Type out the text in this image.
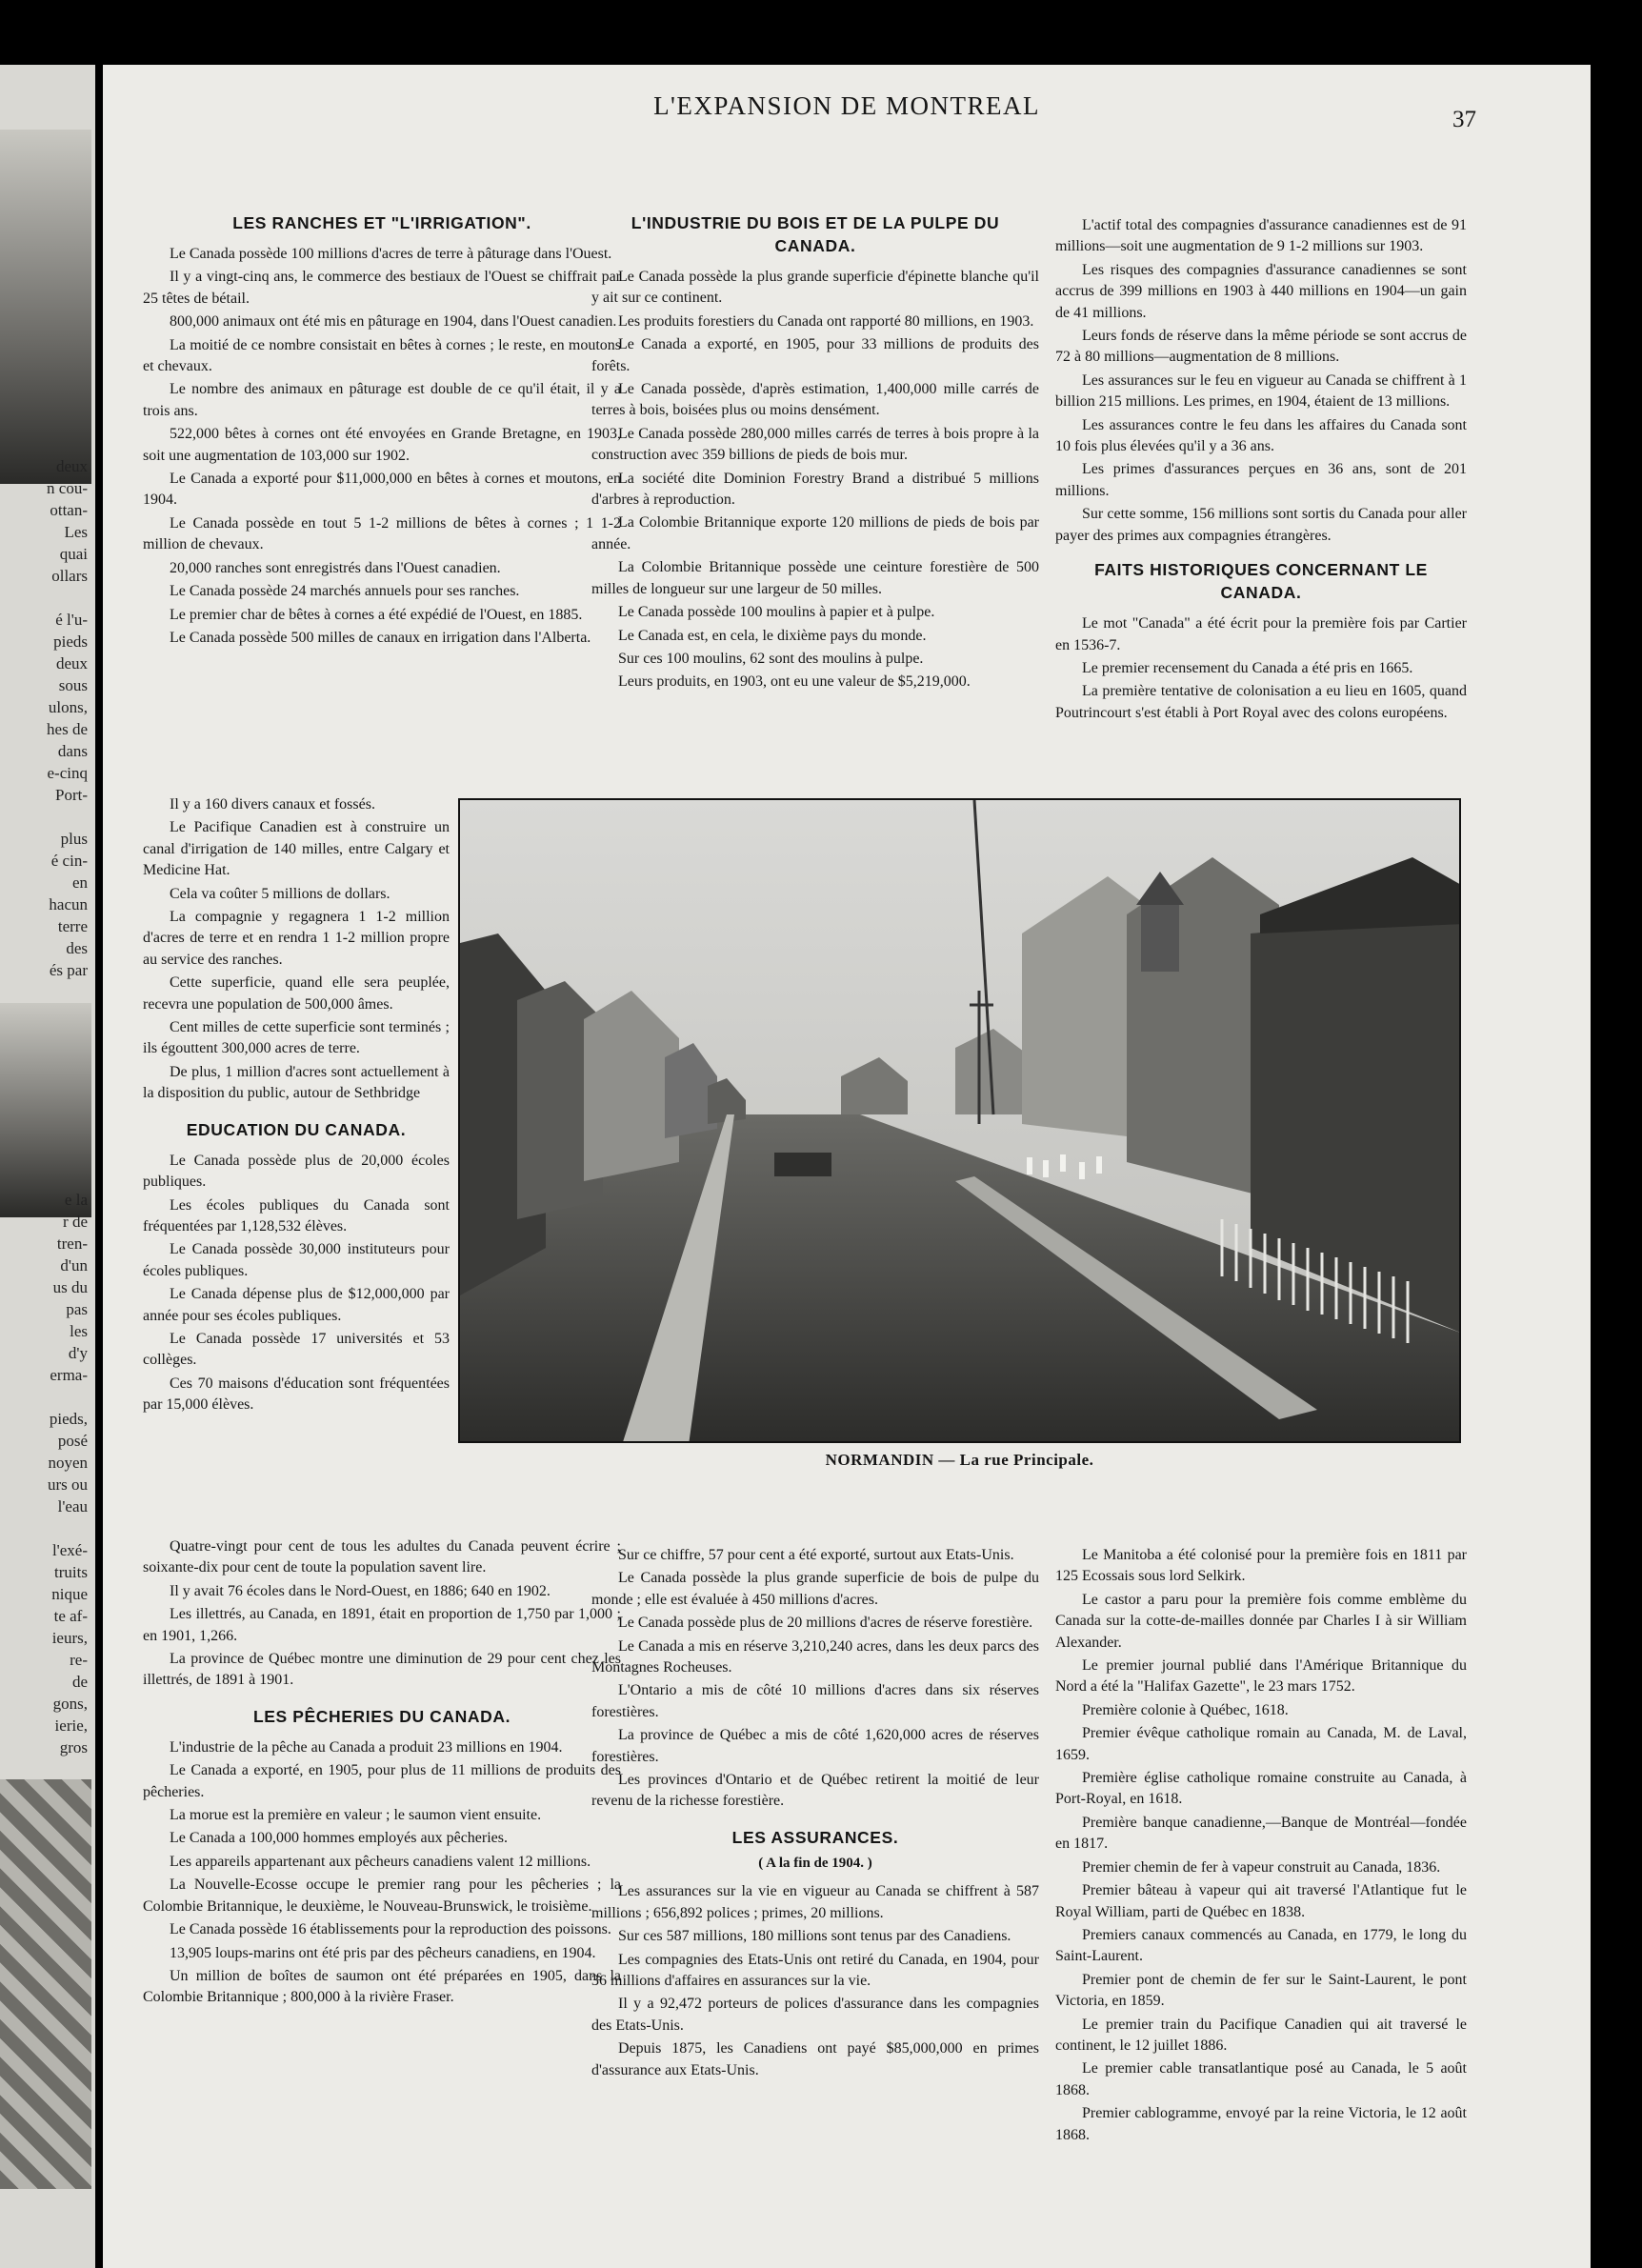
deux
n cou-
ottan-
Les
quai
ollars
é l'u-
pieds
deux
sous
ulons,
hes de
dans
e-cinq
Port-
plus
é cin-
en
hacun
terre
des
és par
e la
r de
tren-
d'un
us du
pas
les
d'y
erma-
pieds,
posé
noyen
urs ou
l'eau
l'exé-
truits
nique
te af-
ieurs,
re-
de
gons,
ierie,
gros
L'EXPANSION DE MONTREAL	37
LES RANCHES ET "L'IRRIGATION".

Le Canada possède 100 millions d'acres de terre à pâturage dans l'Ouest.

Il y a vingt-cinq ans, le commerce des bestiaux de l'Ouest se chiffrait par 25 têtes de bétail.

800,000 animaux ont été mis en pâturage en 1904, dans l'Ouest canadien.

La moitié de ce nombre consistait en bêtes à cornes ; le reste, en moutons et chevaux.

Le nombre des animaux en pâturage est double de ce qu'il était, il y a trois ans.

522,000 bêtes à cornes ont été envoyées en Grande Bretagne, en 1903, soit une augmentation de 103,000 sur 1902.

Le Canada a exporté pour $11,000,000 en bêtes à cornes et moutons, en 1904.

Le Canada possède en tout 5 1-2 millions de bêtes à cornes ; 1 1-2 million de chevaux.

20,000 ranches sont enregistrés dans l'Ouest canadien.

Le Canada possède 24 marchés annuels pour ses ranches.

Le premier char de bêtes à cornes a été expédié de l'Ouest, en 1885.

Le Canada possède 500 milles de canaux en irrigation dans l'Alberta.

Il y a 160 divers canaux et fossés.

Le Pacifique Canadien est à construire un canal d'irrigation de 140 milles, entre Calgary et Medicine Hat.

Cela va coûter 5 millions de dollars.

La compagnie y regagnera 1 1-2 million d'acres de terre et en rendra 1 1-2 million propre au service des ranches.

Cette superficie, quand elle sera peuplée, recevra une population de 500,000 âmes.

Cent milles de cette superficie sont terminés ; ils égouttent 300,000 acres de terre.

De plus, 1 million d'acres sont actuellement à la disposition du public, autour de Sethbridge

EDUCATION DU CANADA.

Le Canada possède plus de 20,000 écoles publiques.

Les écoles publiques du Canada sont fréquentées par 1,128,532 élèves.

Le Canada possède 30,000 instituteurs pour écoles publiques.

Le Canada dépense plus de $12,000,000 par année pour ses écoles publiques.

Le Canada possède 17 universités et 53 collèges.

Ces 70 maisons d'éducation sont fréquentées par 15,000 élèves.

Quatre-vingt pour cent de tous les adultes du Canada peuvent écrire ; soixante-dix pour cent de toute la population savent lire.

Il y avait 76 écoles dans le Nord-Ouest, en 1886; 640 en 1902.

Les illettrés, au Canada, en 1891, était en proportion de 1,750 par 1,000 ; en 1901, 1,266.

La province de Québec montre une diminution de 29 pour cent chez les illettrés, de 1891 à 1901.

LES PÊCHERIES DU CANADA.

L'industrie de la pêche au Canada a produit 23 millions en 1904.

Le Canada a exporté, en 1905, pour plus de 11 millions de produits des pêcheries.

La morue est la première en valeur ; le saumon vient ensuite.

Le Canada a 100,000 hommes employés aux pêcheries.

Les appareils appartenant aux pêcheurs canadiens valent 12 millions.

La Nouvelle-Ecosse occupe le premier rang pour les pêcheries ; la Colombie Britannique, le deuxième, le Nouveau-Brunswick, le troisième.

Le Canada possède 16 établissements pour la reproduction des poissons.

13,905 loups-marins ont été pris par des pêcheurs canadiens, en 1904.

Un million de boîtes de saumon ont été préparées en 1905, dans la Colombie Britannique ; 800,000 à la rivière Fraser.

L'INDUSTRIE DU BOIS ET DE LA PULPE DU CANADA.

Le Canada possède la plus grande superficie d'épinette blanche qu'il y ait sur ce continent.

Les produits forestiers du Canada ont rapporté 80 millions, en 1903.

Le Canada a exporté, en 1905, pour 33 millions de produits des forêts.

Le Canada possède, d'après estimation, 1,400,000 mille carrés de terres à bois, boisées plus ou moins densément.

Le Canada possède 280,000 milles carrés de terres à bois propre à la construction avec 359 billions de pieds de bois mur.

La société dite Dominion Forestry Brand a distribué 5 millions d'arbres à reproduction.

La Colombie Britannique exporte 120 millions de pieds de bois par année.

La Colombie Britannique possède une ceinture forestière de 500 milles de longueur sur une largeur de 50 milles.

Le Canada possède 100 moulins à papier et à pulpe.

Le Canada est, en cela, le dixième pays du monde.

Sur ces 100 moulins, 62 sont des moulins à pulpe.

Leurs produits, en 1903, ont eu une valeur de $5,219,000.

Sur ce chiffre, 57 pour cent a été exporté, surtout aux Etats-Unis.

Le Canada possède la plus grande superficie de bois de pulpe du monde ; elle est évaluée à 450 millions d'acres.

Le Canada possède plus de 20 millions d'acres de réserve forestière.

Le Canada a mis en réserve 3,210,240 acres, dans les deux parcs des Montagnes Rocheuses.

L'Ontario a mis de côté 10 millions d'acres dans six réserves forestières.

La province de Québec a mis de côté 1,620,000 acres de réserves forestières.

Les provinces d'Ontario et de Québec retirent la moitié de leur revenu de la richesse forestière.

LES ASSURANCES.
( A la fin de 1904. )

Les assurances sur la vie en vigueur au Canada se chiffrent à 587 millions ; 656,892 polices ; primes, 20 millions.

Sur ces 587 millions, 180 millions sont tenus par des Canadiens.

Les compagnies des Etats-Unis ont retiré du Canada, en 1904, pour 36 millions d'affaires en assurances sur la vie.

Il y a 92,472 porteurs de polices d'assurance dans les compagnies des Etats-Unis.

Depuis 1875, les Canadiens ont payé $85,000,000 en primes d'assurance aux Etats-Unis.

L'actif total des compagnies d'assurance canadiennes est de 91 millions—soit une augmentation de 9 1-2 millions sur 1903.

Les risques des compagnies d'assurance canadiennes se sont accrus de 399 millions en 1903 à 440 millions en 1904—un gain de 41 millions.

Leurs fonds de réserve dans la même période se sont accrus de 72 à 80 millions—augmentation de 8 millions.

Les assurances sur le feu en vigueur au Canada se chiffrent à 1 billion 215 millions. Les primes, en 1904, étaient de 13 millions.

Les assurances contre le feu dans les affaires du Canada sont 10 fois plus élevées qu'il y a 36 ans.

Les primes d'assurances perçues en 36 ans, sont de 201 millions.

Sur cette somme, 156 millions sont sortis du Canada pour aller payer des primes aux compagnies étrangères.

FAITS HISTORIQUES CONCERNANT LE CANADA.

Le mot "Canada" a été écrit pour la première fois par Cartier en 1536-7.

Le premier recensement du Canada a été pris en 1665.

La première tentative de colonisation a eu lieu en 1605, quand Poutrincourt s'est établi à Port Royal avec des colons européens.

Le Manitoba a été colonisé pour la première fois en 1811 par 125 Ecossais sous lord Selkirk.

Le castor a paru pour la première fois comme emblème du Canada sur la cotte-de-mailles donnée par Charles I à sir William Alexander.

Le premier journal publié dans l'Amérique Britannique du Nord a été la "Halifax Gazette", le 23 mars 1752.

Première colonie à Québec, 1618.

Premier évêque catholique romain au Canada, M. de Laval, 1659.

Première église catholique romaine construite au Canada, à Port-Royal, en 1618.

Première banque canadienne,—Banque de Montréal—fondée en 1817.

Premier chemin de fer à vapeur construit au Canada, 1836.

Premier bâteau à vapeur qui ait traversé l'Atlantique fut le Royal William, parti de Québec en 1838.

Premiers canaux commencés au Canada, en 1779, le long du Saint-Laurent.

Premier pont de chemin de fer sur le Saint-Laurent, le pont Victoria, en 1859.

Le premier train du Pacifique Canadien qui ait traversé le continent, le 12 juillet 1886.

Le premier cable transatlantique posé au Canada, le 5 août 1868.

Premier cablogramme, envoyé par la reine Victoria, le 12 août 1868.

NORMANDIN — La rue Principale.
